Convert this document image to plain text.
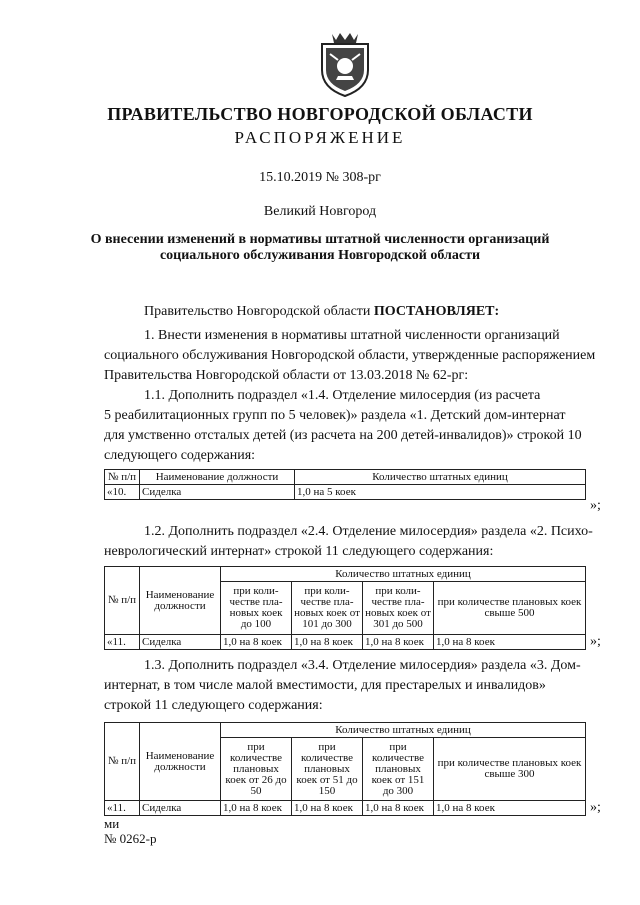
ПРАВИТЕЛЬСТВО НОВГОРОДСКОЙ ОБЛАСТИ
РАСПОРЯЖЕНИЕ
15.10.2019 № 308-рг
Великий Новгород
О внесении изменений в нормативы штатной численности организаций
социального обслуживания Новгородской области
Правительство Новгородской области ПОСТАНОВЛЯЕТ:
1. Внести изменения в нормативы штатной численности организаций
социального обслуживания Новгородской области, утвержденные распоряжением
Правительства Новгородской области от 13.03.2018 № 62-рг:
1.1. Дополнить подраздел «1.4. Отделение милосердия (из расчета
5 реабилитационных групп по 5 человек)» раздела «1. Детский дом-интернат
для умственно отсталых детей (из расчета на 200 детей-инвалидов)» строкой 10
следующего содержания:
№ п/п	Наименование должности	Количество штатных единиц
«10.	Сиделка	1,0 на 5 коек
»;
1.2. Дополнить подраздел «2.4. Отделение милосердия» раздела «2. Психо-
неврологический интернат» строкой 11 следующего содержания:
№ п/п	Наименование должности	Количество штатных единиц			
		при коли-честве пла-новых коек до 100	при коли-честве пла-новых коек от 101 до 300	при коли-честве пла-новых коек от 301 до 500	при количестве плановых коек свыше 500
«11.	Сиделка	1,0 на 8 коек	1,0 на 8 коек	1,0 на 8 коек	1,0 на 8 коек	»;
1.3. Дополнить подраздел «3.4. Отделение милосердия» раздела «3. Дом-
интернат, в том числе малой вместимости, для престарелых и инвалидов»
строкой 11 следующего содержания:
№ п/п	Наименование должности	Количество штатных единиц			
		при количестве плановых коек от 26 до 50	при количестве плановых коек от 51 до 150	при количестве плановых коек от 151 до 300	при количестве плановых коек свыше 300
«11.	Сиделка	1,0 на 8 коек	1,0 на 8 коек	1,0 на 8 коек	1,0 на 8 коек	»;
ми
№ 0262-р
